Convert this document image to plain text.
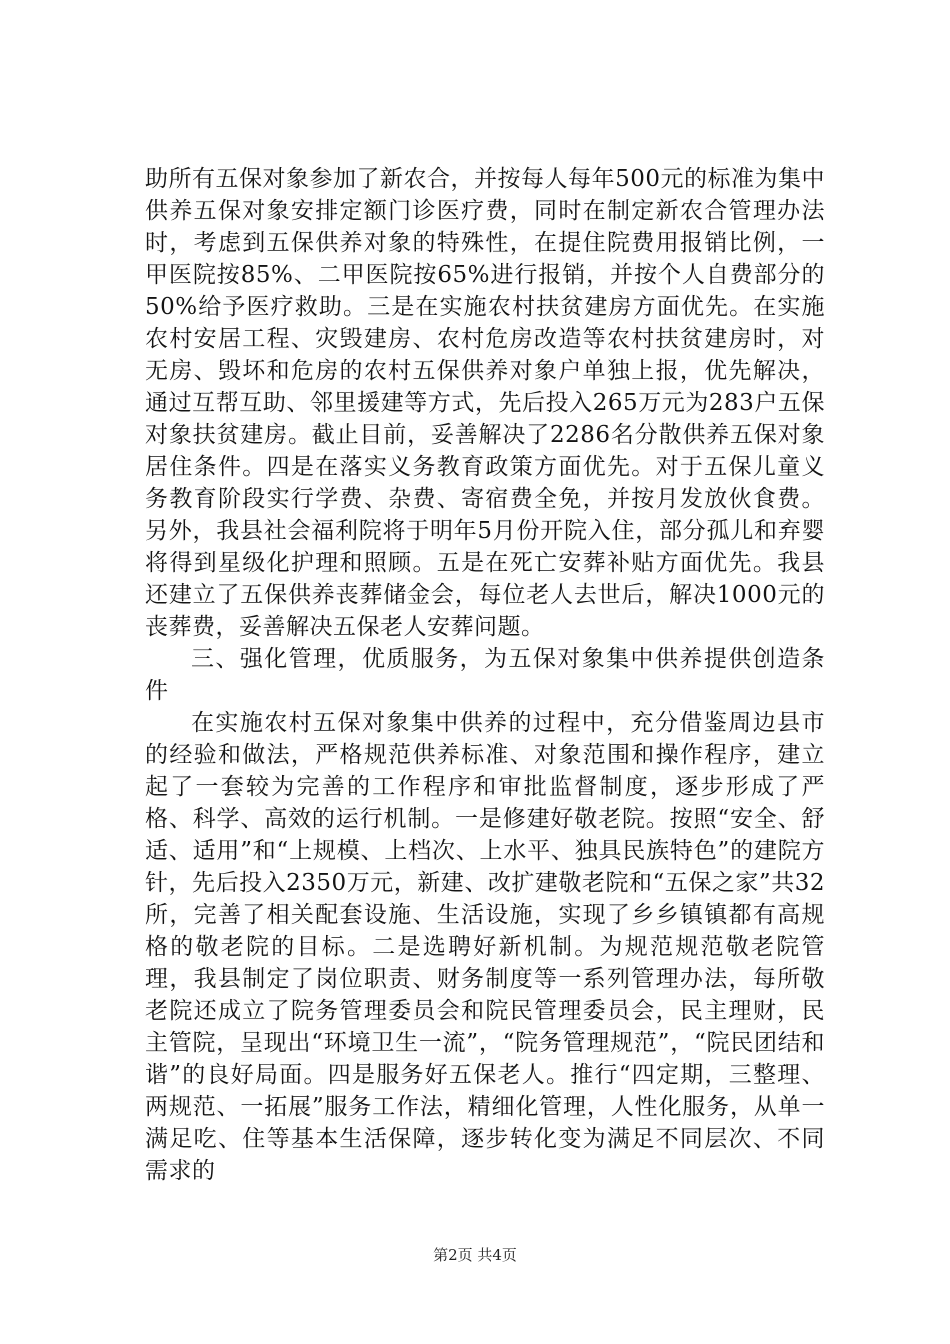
助所有五保对象参加了新农合，并按每人每年500元的标准为集中供养五保对象安排定额门诊医疗费，同时在制定新农合管理办法时，考虑到五保供养对象的特殊性，在提住院费用报销比例，一甲医院按85%、二甲医院按65%进行报销，并按个人自费部分的50%给予医疗救助。三是在实施农村扶贫建房方面优先。在实施农村安居工程、灾毁建房、农村危房改造等农村扶贫建房时，对无房、毁坏和危房的农村五保供养对象户单独上报，优先解决，通过互帮互助、邻里援建等方式，先后投入265万元为283户五保对象扶贫建房。截止目前，妥善解决了2286名分散供养五保对象居住条件。四是在落实义务教育政策方面优先。对于五保儿童义务教育阶段实行学费、杂费、寄宿费全免，并按月发放伙食费。另外，我县社会福利院将于明年5月份开院入住，部分孤儿和弃婴将得到星级化护理和照顾。五是在死亡安葬补贴方面优先。我县还建立了五保供养丧葬储金会，每位老人去世后，解决1000元的丧葬费，妥善解决五保老人安葬问题。

三、强化管理，优质服务，为五保对象集中供养提供创造条件

在实施农村五保对象集中供养的过程中，充分借鉴周边县市的经验和做法，严格规范供养标准、对象范围和操作程序，建立起了一套较为完善的工作程序和审批监督制度，逐步形成了严格、科学、高效的运行机制。一是修建好敬老院。按照“安全、舒适、适用”和“上规模、上档次、上水平、独具民族特色”的建院方针，先后投入2350万元，新建、改扩建敬老院和“五保之家”共32所，完善了相关配套设施、生活设施，实现了乡乡镇镇都有高规格的敬老院的目标。二是选聘好新机制。为规范规范敬老院管理，我县制定了岗位职责、财务制度等一系列管理办法，每所敬老院还成立了院务管理委员会和院民管理委员会，民主理财，民主管院，呈现出“环境卫生一流”，“院务管理规范”，“院民团结和谐”的良好局面。四是服务好五保老人。推行“四定期，三整理、两规范、一拓展”服务工作法，精细化管理，人性化服务，从单一满足吃、住等基本生活保障，逐步转化变为满足不同层次、不同需求的

第2页 共4页
